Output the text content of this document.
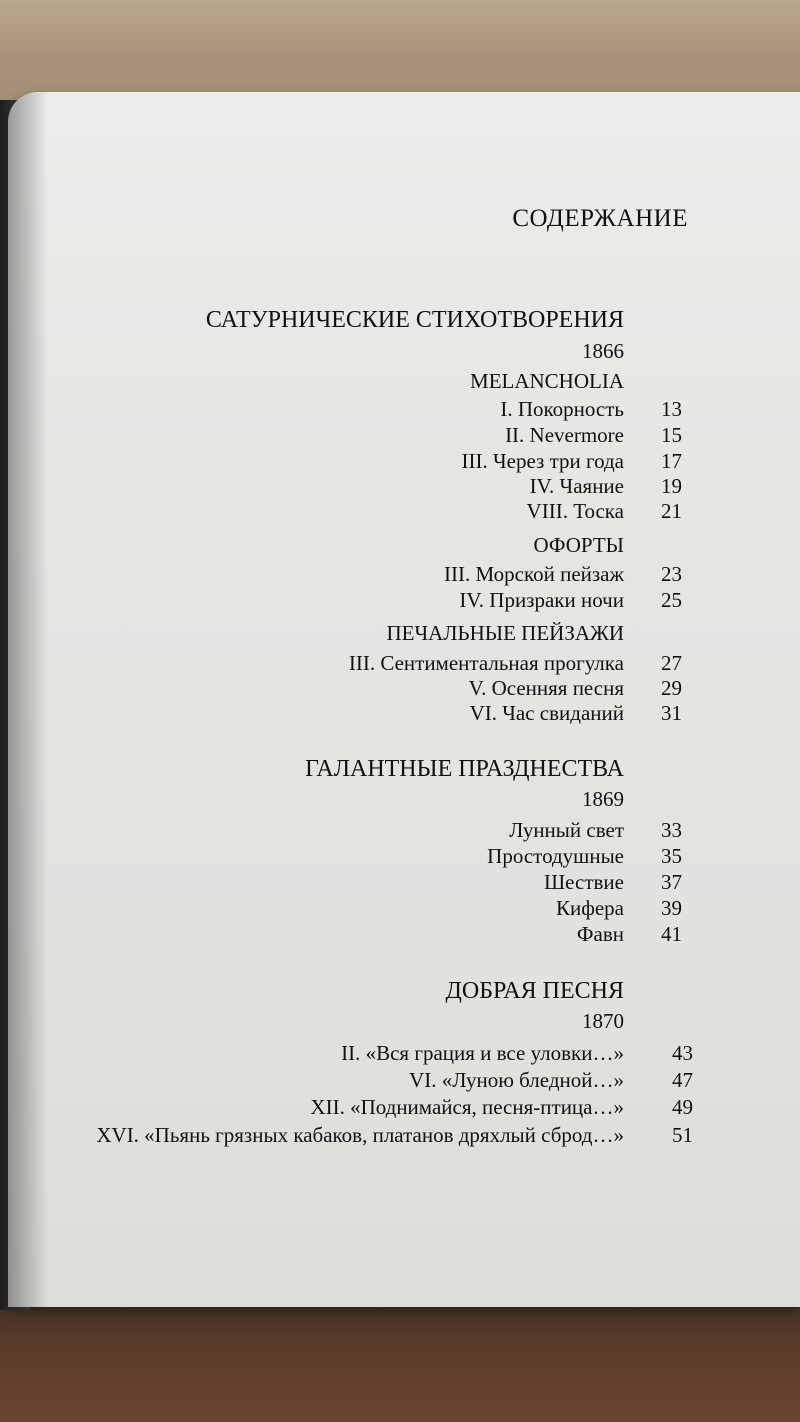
СОДЕРЖАНИЕ
САТУРНИЧЕСКИЕ СТИХОТВОРЕНИЯ
1866
MELANCHOLIA
I. Покорность	13
II. Nevermore	15
III. Через три года	17
IV. Чаяние	19
VIII. Тоска	21
ОФОРТЫ
III. Морской пейзаж	23
IV. Призраки ночи	25
ПЕЧАЛЬНЫЕ ПЕЙЗАЖИ
III. Сентиментальная прогулка	27
V. Осенняя песня	29
VI. Час свиданий	31
ГАЛАНТНЫЕ ПРАЗДНЕСТВА
1869
Лунный свет	33
Простодушные	35
Шествие	37
Кифера	39
Фавн	41
ДОБРАЯ ПЕСНЯ
1870
II. «Вся грация и все уловки…»	43
VI. «Луною бледной…»	47
XII. «Поднимайся, песня-птица…»	49
XVI. «Пьянь грязных кабаков, платанов дряхлый сброд…»	51
